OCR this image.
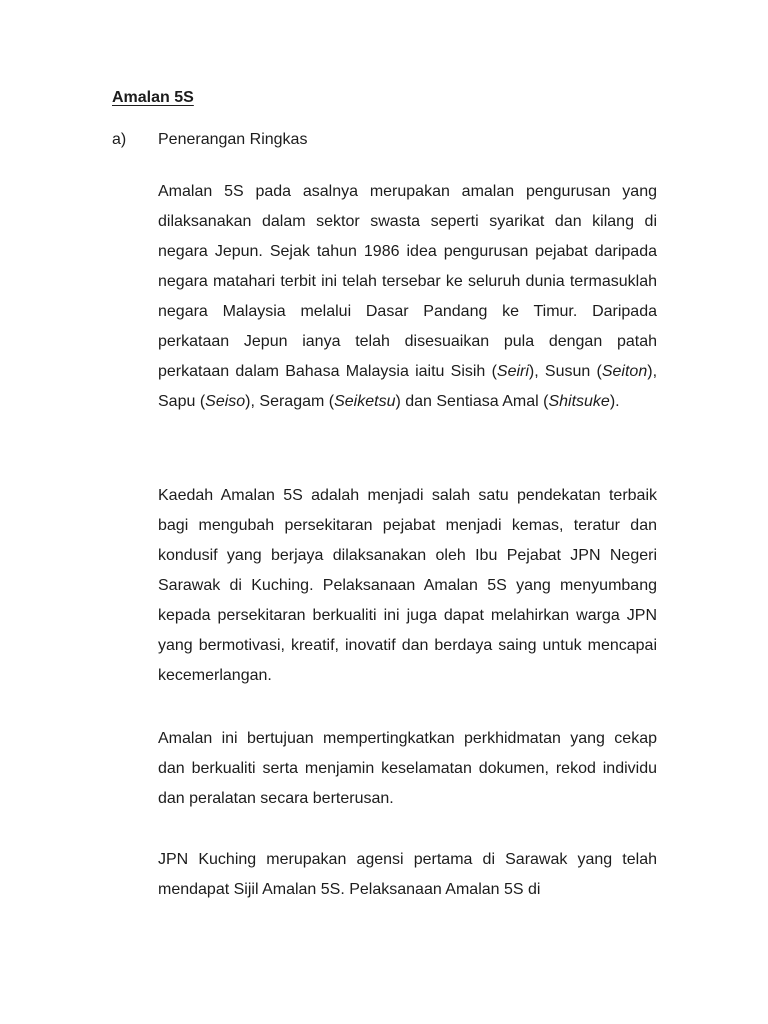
Amalan 5S
a) Penerangan Ringkas

Amalan 5S pada asalnya merupakan amalan pengurusan yang dilaksanakan dalam sektor swasta seperti syarikat dan kilang di negara Jepun. Sejak tahun 1986 idea pengurusan pejabat daripada negara matahari terbit ini telah tersebar ke seluruh dunia termasuklah negara Malaysia melalui Dasar Pandang ke Timur. Daripada perkataan Jepun ianya telah disesuaikan pula dengan patah perkataan dalam Bahasa Malaysia iaitu Sisih (Seiri), Susun (Seiton), Sapu (Seiso), Seragam (Seiketsu) dan Sentiasa Amal (Shitsuke).

Kaedah Amalan 5S adalah menjadi salah satu pendekatan terbaik bagi mengubah persekitaran pejabat menjadi kemas, teratur dan kondusif yang berjaya dilaksanakan oleh Ibu Pejabat JPN Negeri Sarawak di Kuching. Pelaksanaan Amalan 5S yang menyumbang kepada persekitaran berkualiti ini juga dapat melahirkan warga JPN yang bermotivasi, kreatif, inovatif dan berdaya saing untuk mencapai kecemerlangan.

Amalan ini bertujuan mempertingkatkan perkhidmatan yang cekap dan berkualiti serta menjamin keselamatan dokumen, rekod individu dan peralatan secara berterusan.

JPN Kuching merupakan agensi pertama di Sarawak yang telah mendapat Sijil Amalan 5S. Pelaksanaan Amalan 5S di
